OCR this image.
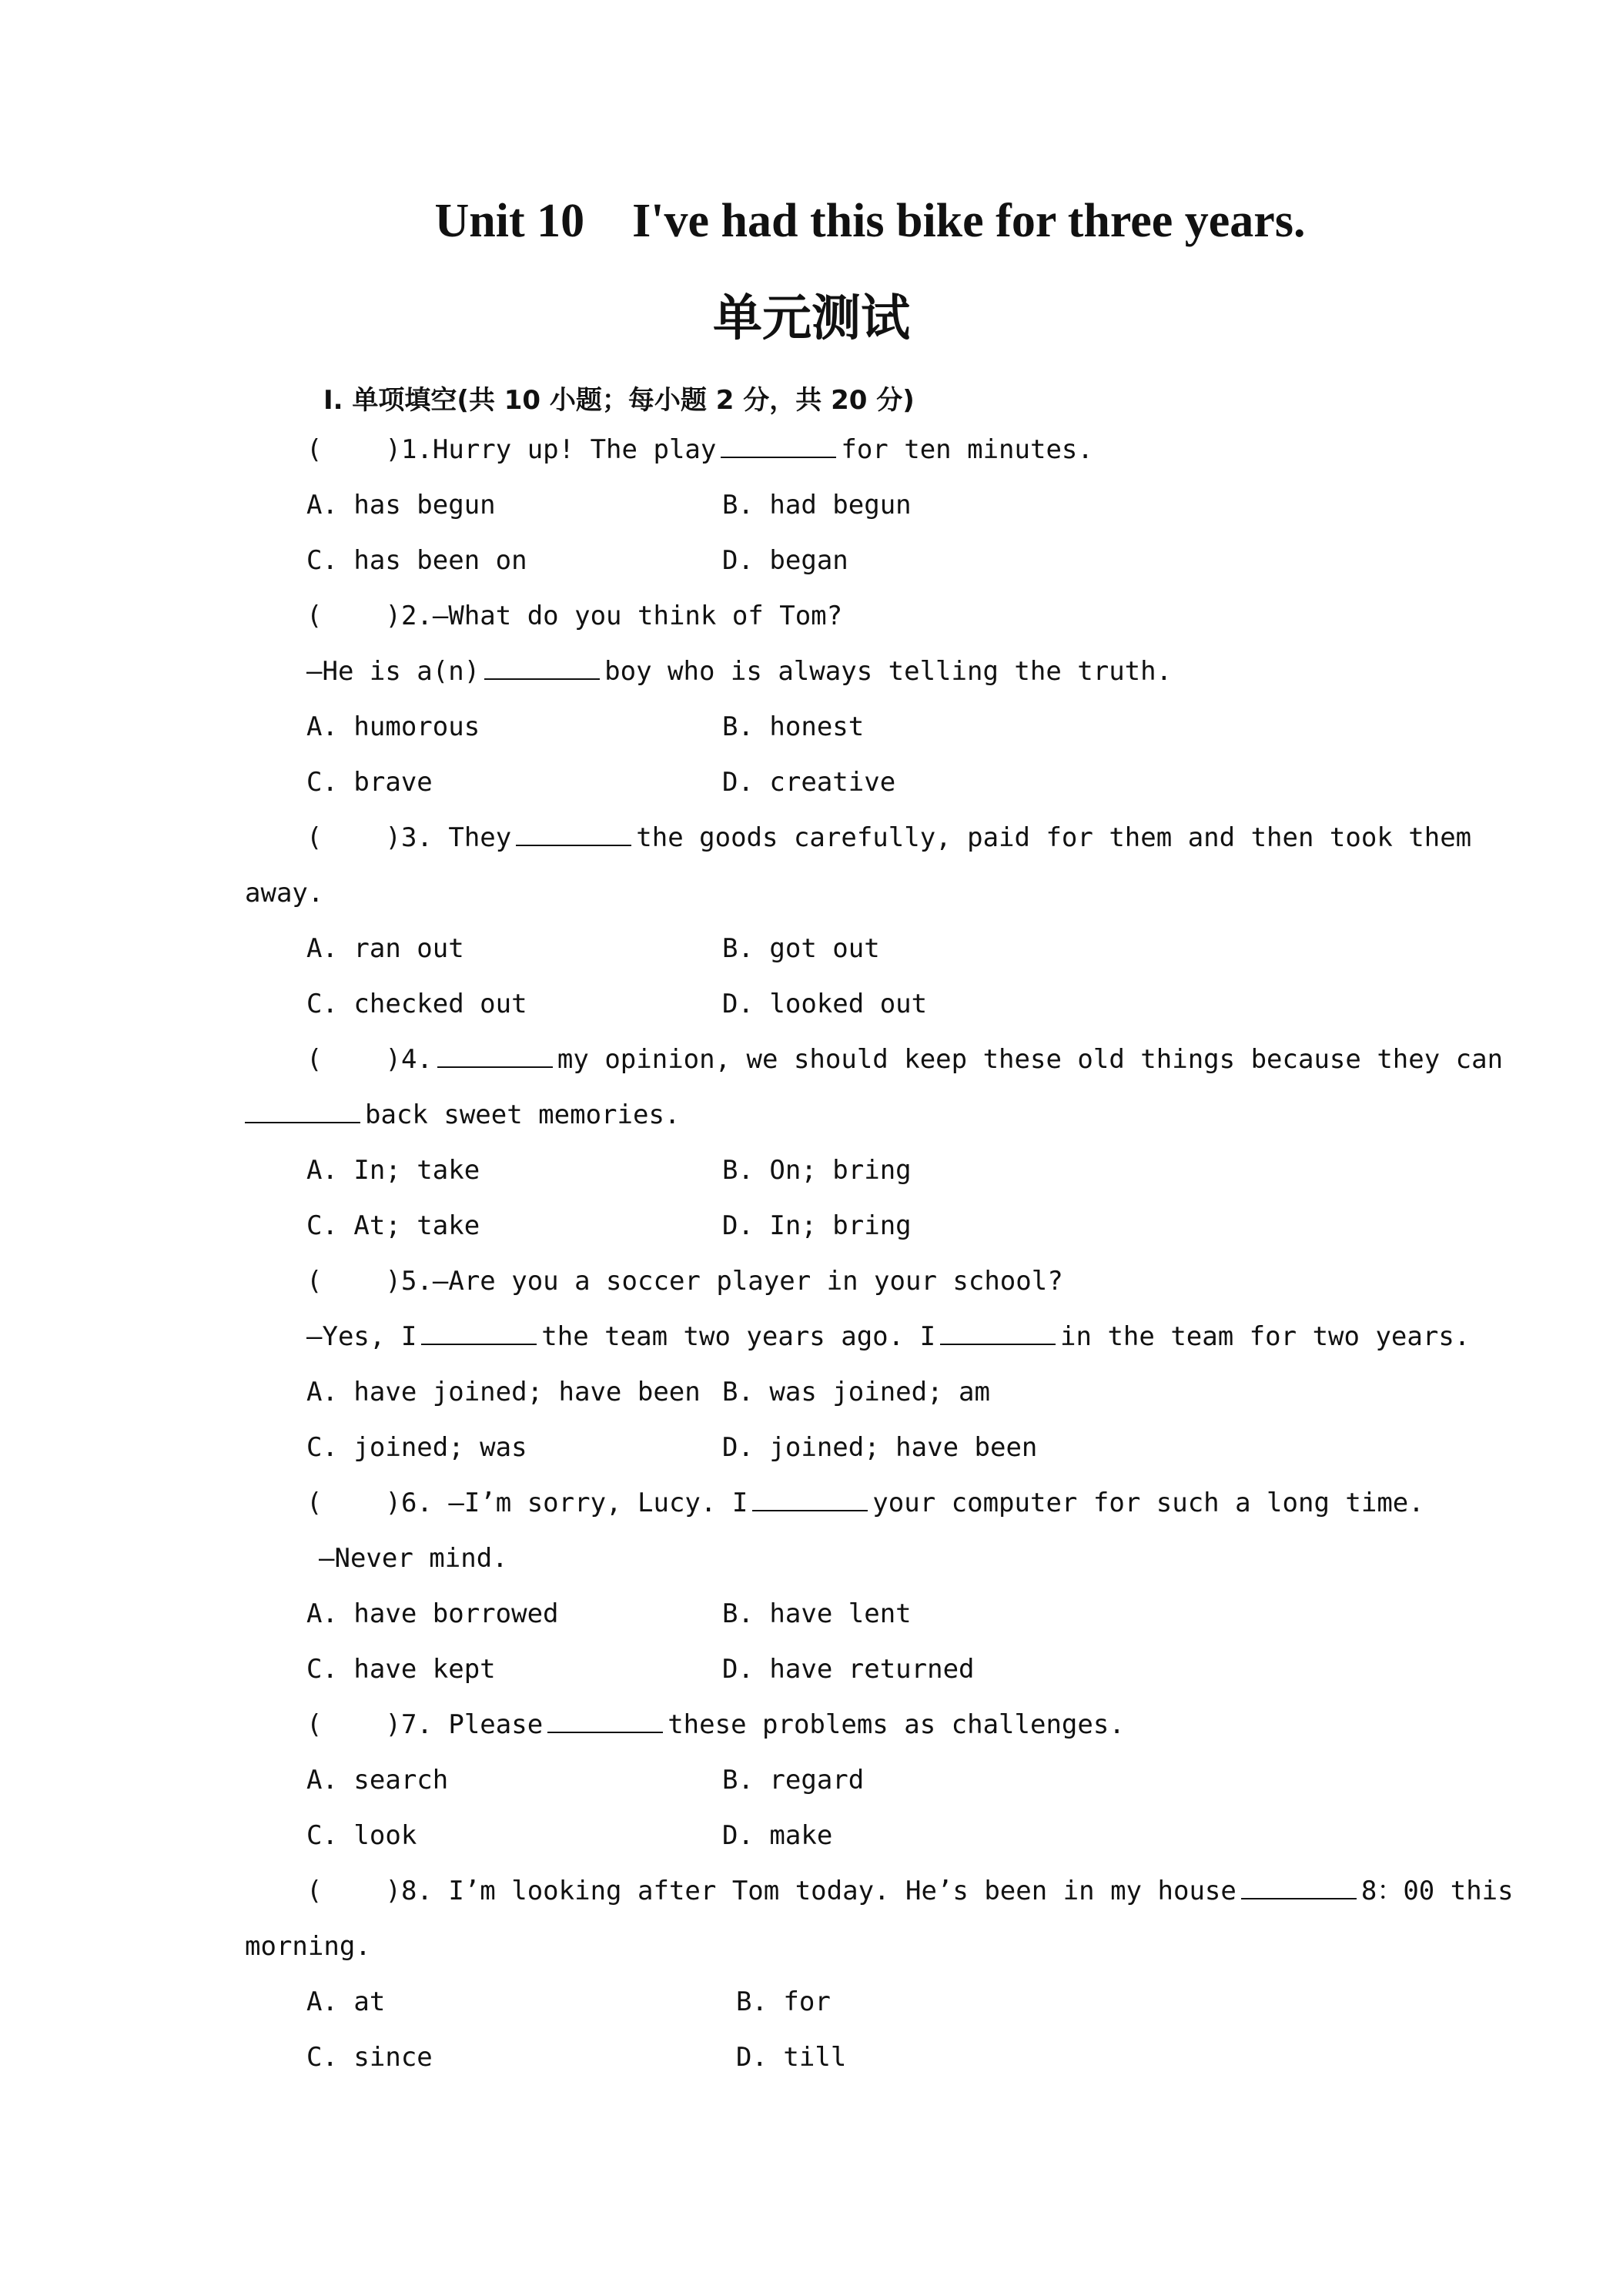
Unit 10    I've had this bike for three years.
单元测试
Ⅰ. 单项填空(共 10 小题；每小题 2 分，共 20 分)
( )1.Hurry up! The play	for ten minutes.
A. has begun	B. had begun
C. has been on	D. began
( )2.—What do you think of Tom?
—He is a(n)	boy who is always telling the truth.
A. humorous	B. honest
C. brave	D. creative
( )3. They	the goods carefully, paid for them and then took them
away.
A. ran out	B. got out
C. checked out	D. looked out
( )4.	my opinion, we should keep these old things because they can
back sweet memories.
A. In; take	B. On; bring
C. At; take	D. In; bring
( )5.—Are you a soccer player in your school?
—Yes, I	the team two years ago. I	in the team for two years.
A. have joined; have been B. was joined; am
C. joined; was	D. joined; have been
( )6. —I’m sorry, Lucy. I	your computer for such a long time.
—Never mind.
A. have borrowed	B. have lent
C. have kept	D. have returned
( )7. Please	these problems as challenges.
A. search	B. regard
C. look	D. make
( )8. I’m looking after Tom today. He’s been in my house	8：00 this
morning.
A. at	B. for
C. since	D. till
